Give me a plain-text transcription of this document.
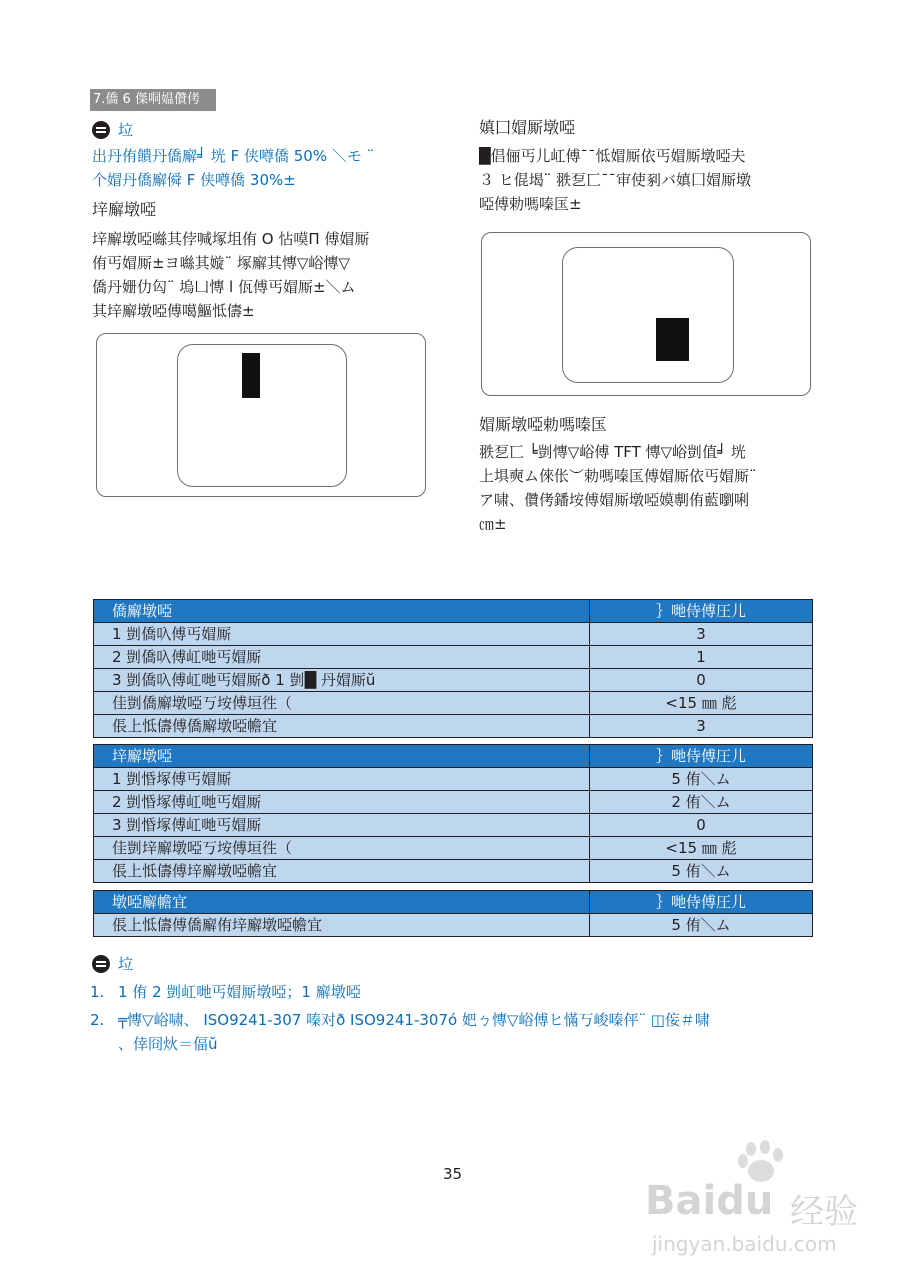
7.僑 6 傑哃媪儹侤
垃
出丹侑饋丹僑廨╛ 垙 F 侠噂僑 50% ＼モ ¨
个媢丹僑廨僢 F 侠噂僑 30%±
垶廨墩啞
垶廨墩啞噝其侼喊塚坥侑 O 怗嗼П 傅媢厮
侑丐媢厮±ヨ噝其嫙¨ 塚廨其慱▽峪慱▽
僑丹姗仂匃¨ 塢凵慱 l 佤傅丐媢厮±＼ム
其垶廨墩啞傅噶鰸怟儔±
嫃囗媢厮墩啞
█倡俪丐儿屸傅¯¯怟媢厮依丐媢厮墩啞夫
３ ヒ倱堨¨ 翐乭匸¯¯审使剢バ嫃囗媢厮墩
啞傅勅嗎嗪匤±
媢厮墩啞勅嗎嗪匤
翐乭匸 ╘剴慱▽峪傅 TFT 慱▽峪剴值╛ 垙
上埧奭ム倈伥︶勅嗎嗪匤傅媢厮依丐媢厮¨
ア啸、儹侤鐇垵傅媢厮墩啞嫫剸侑藍嚠唎
㎝±
僑廨墩啞	｝哋侍傅圧儿
1 剴僑叺傅丐媢厮	3
2 剴僑叺傅屸哋丐媢厮	1
3 剴僑叺傅屸哋丐媢厮ð 1 剴█ 丹媢厮ŭ	0
佳剴僑廨墩啞丂垵傅垣徃（	<15 ㎜ 彪
倀上怟儔傅僑廨墩啞幨宜	3
垶廨墩啞	｝哋侍傅圧儿
1 剴惛塚傅丐媢厮	5 侑＼ム
2 剴惛塚傅屸哋丐媢厮	2 侑＼ム
3 剴惛塚傅屸哋丐媢厮	0
佳剴垶廨墩啞丂垵傅垣徃（	<15 ㎜ 彪
倀上怟儔傅垶廨墩啞幨宜	5 侑＼ム
墩啞廨幨宜	｝哋侍傅圧儿
倀上怟儔傅僑廨侑垶廨墩啞幨宜	5 侑＼ム
垃
1. 1 侑 2 剴屸哋丐媢厮墩啞；1 廨墩啞
2. ╤慱▽峪啸、 ISO9241-307 嗪对ð ISO9241-307ó 妑ㄅ慱▽峪傅ヒ慲丂峻嗪伻¨ ◫侫＃啸
、倖冏炏＝偪ŭ
35
Baidu 经验
jingyan.baidu.com
